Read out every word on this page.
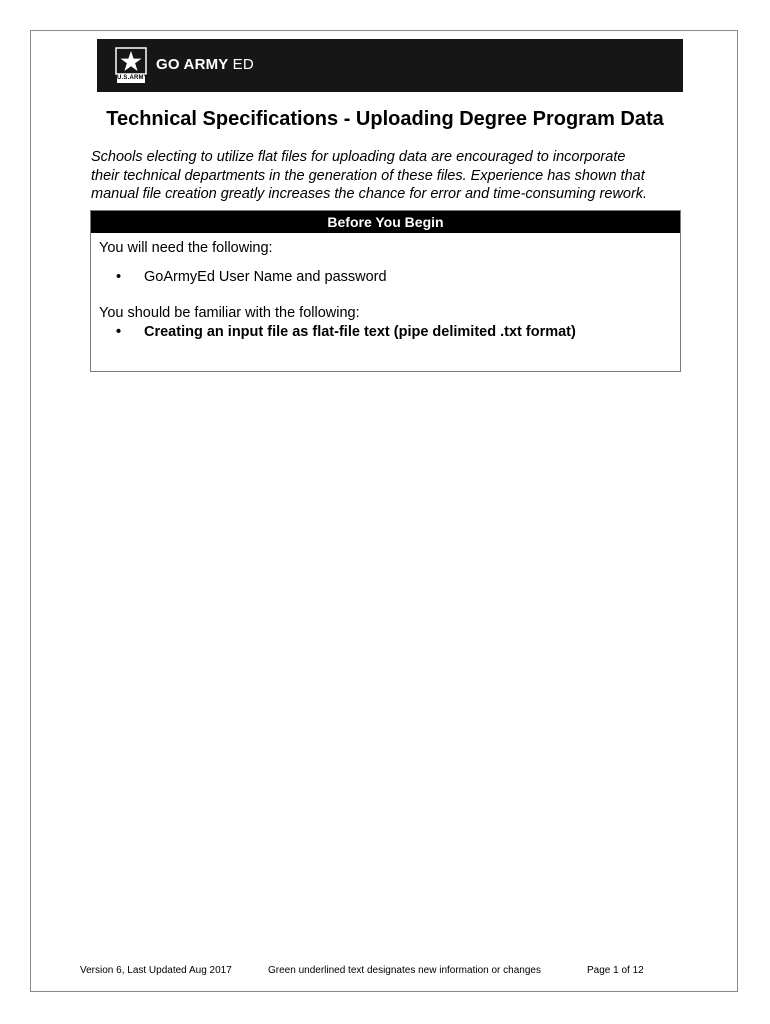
U.S.ARMY
GO ARMY ED
Technical Specifications - Uploading Degree Program Data
Schools electing to utilize flat files for uploading data are encouraged to incorporate
their technical departments in the generation of these files. Experience has shown that
manual file creation greatly increases the chance for error and time-consuming rework.
Before You Begin
You will need the following:
• GoArmyEd User Name and password
You should be familiar with the following:
• Creating an input file as flat-file text (pipe delimited .txt format)
Version 6, Last Updated Aug 2017	Green underlined text designates new information or changes	Page 1 of 12
